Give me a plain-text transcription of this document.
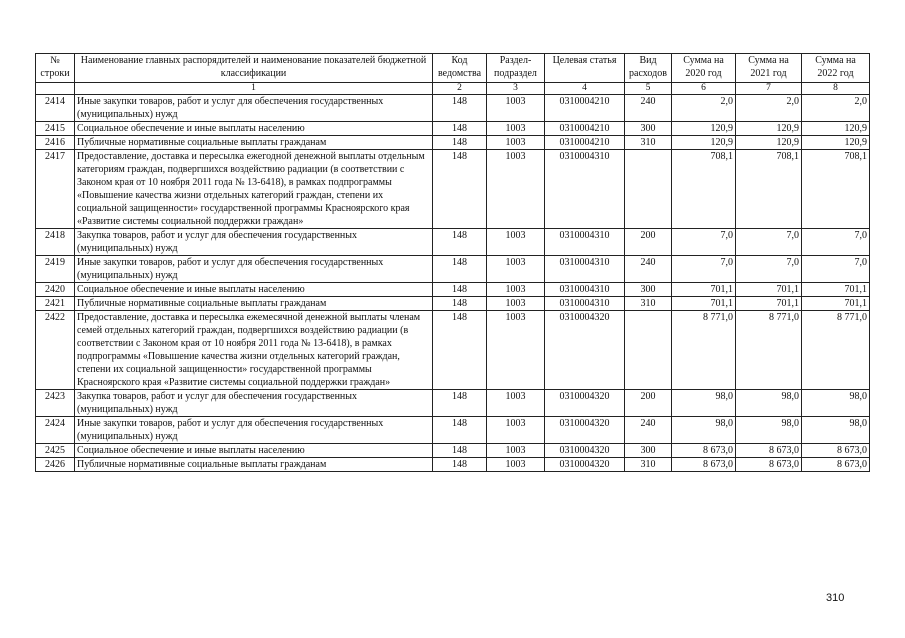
№ строки	Наименование главных распорядителей и наименование показателей бюджетной классификации	Код ведомства	Раздел-подраздел	Целевая статья	Вид расходов	Сумма на 2020 год	Сумма на 2021 год	Сумма на 2022 год
	1	2	3	4	5	6	7	8
2414	Иные закупки товаров, работ и услуг для обеспечения государственных (муниципальных) нужд	148	1003	0310004210	240	2,0	2,0	2,0
2415	Социальное обеспечение и иные выплаты населению	148	1003	0310004210	300	120,9	120,9	120,9
2416	Публичные нормативные социальные выплаты гражданам	148	1003	0310004210	310	120,9	120,9	120,9
2417	Предоставление, доставка и пересылка ежегодной денежной выплаты отдельным категориям граждан, подвергшихся воздействию радиации (в соответствии с Законом края от 10 ноября 2011 года № 13-6418), в рамках подпрограммы «Повышение качества жизни отдельных категорий граждан, степени их социальной защищенности» государственной программы Красноярского края «Развитие системы социальной поддержки граждан»	148	1003	0310004310		708,1	708,1	708,1
2418	Закупка товаров, работ и услуг для обеспечения государственных (муниципальных) нужд	148	1003	0310004310	200	7,0	7,0	7,0
2419	Иные закупки товаров, работ и услуг для обеспечения государственных (муниципальных) нужд	148	1003	0310004310	240	7,0	7,0	7,0
2420	Социальное обеспечение и иные выплаты населению	148	1003	0310004310	300	701,1	701,1	701,1
2421	Публичные нормативные социальные выплаты гражданам	148	1003	0310004310	310	701,1	701,1	701,1
2422	Предоставление, доставка и пересылка ежемесячной денежной выплаты членам семей отдельных категорий граждан, подвергшихся воздействию радиации (в соответствии с Законом края от 10 ноября 2011 года № 13-6418), в рамках подпрограммы «Повышение качества жизни отдельных категорий граждан, степени их социальной защищенности» государственной программы Красноярского края «Развитие системы социальной поддержки граждан»	148	1003	0310004320		8 771,0	8 771,0	8 771,0
2423	Закупка товаров, работ и услуг для обеспечения государственных (муниципальных) нужд	148	1003	0310004320	200	98,0	98,0	98,0
2424	Иные закупки товаров, работ и услуг для обеспечения государственных (муниципальных) нужд	148	1003	0310004320	240	98,0	98,0	98,0
2425	Социальное обеспечение и иные выплаты населению	148	1003	0310004320	300	8 673,0	8 673,0	8 673,0
2426	Публичные нормативные социальные выплаты гражданам	148	1003	0310004320	310	8 673,0	8 673,0	8 673,0
310
